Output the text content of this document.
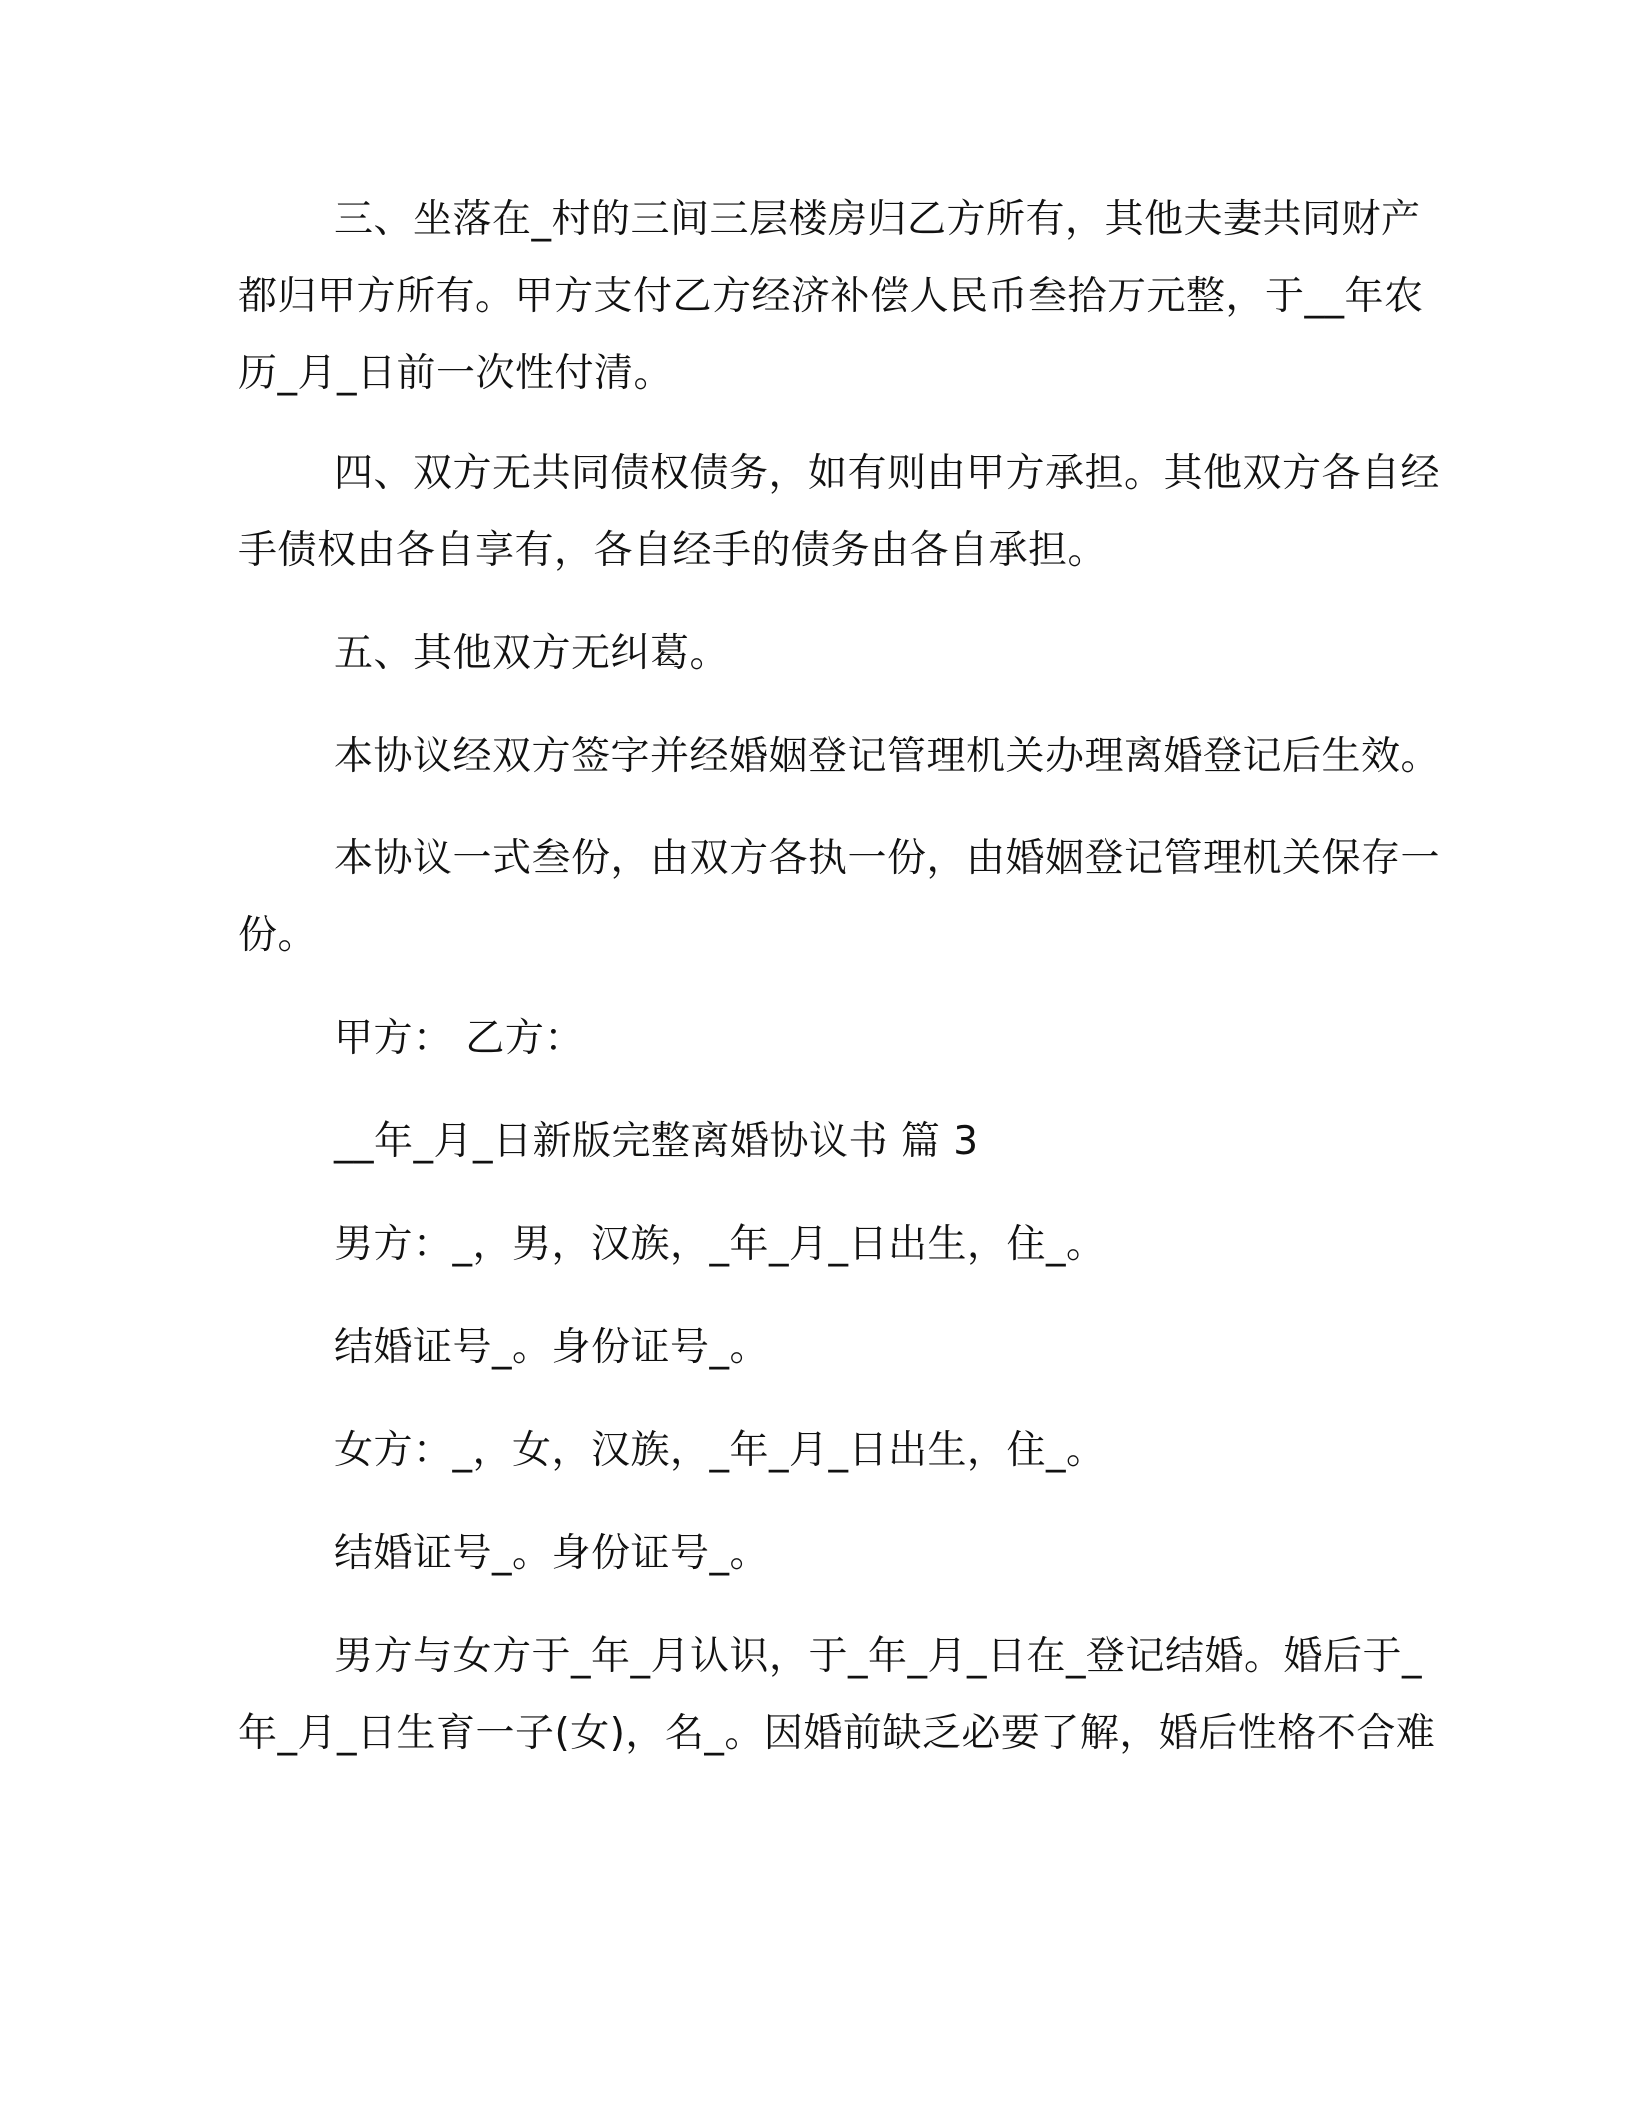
三、坐落在_村的三间三层楼房归乙方所有，其他夫妻共同财产
都归甲方所有。甲方支付乙方经济补偿人民币叁拾万元整，于__年农
历_月_日前一次性付清。
四、双方无共同债权债务，如有则由甲方承担。其他双方各自经
手债权由各自享有，各自经手的债务由各自承担。
五、其他双方无纠葛。
本协议经双方签字并经婚姻登记管理机关办理离婚登记后生效。
本协议一式叁份，由双方各执一份，由婚姻登记管理机关保存一
份。
甲方： 乙方：
__年_月_日新版完整离婚协议书 篇 3
男方：_，男，汉族，_年_月_日出生，住_。
结婚证号_。身份证号_。
女方：_，女，汉族，_年_月_日出生，住_。
结婚证号_。身份证号_。
男方与女方于_年_月认识，于_年_月_日在_登记结婚。婚后于_
年_月_日生育一子(女)，名_。因婚前缺乏必要了解，婚后性格不合难
